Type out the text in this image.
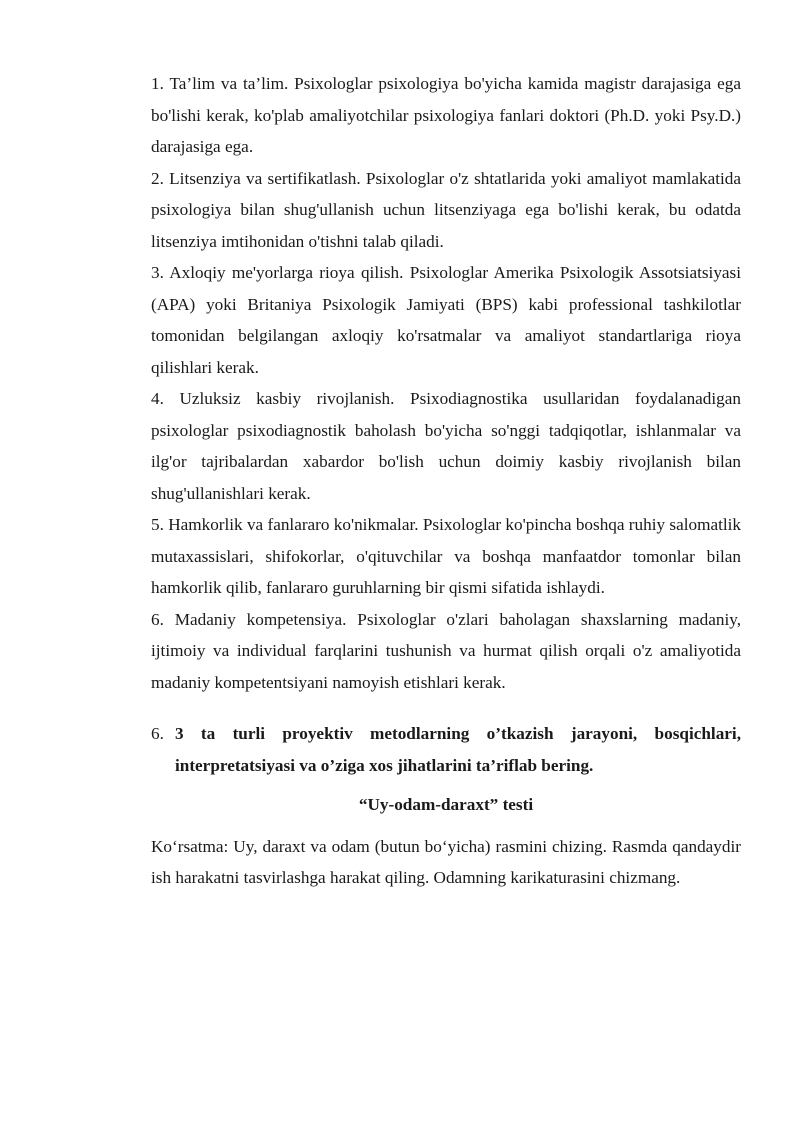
1. Ta’lim va ta’lim. Psixologlar psixologiya bo'yicha kamida magistr darajasiga ega bo'lishi kerak, ko'plab amaliyotchilar psixologiya fanlari doktori (Ph.D. yoki Psy.D.) darajasiga ega.

2. Litsenziya va sertifikatlash. Psixologlar o'z shtatlarida yoki amaliyot mamlakatida psixologiya bilan shug'ullanish uchun litsenziyaga ega bo'lishi kerak, bu odatda litsenziya imtihonidan o'tishni talab qiladi.

3. Axloqiy me'yorlarga rioya qilish. Psixologlar Amerika Psixologik Assotsiatsiyasi (APA) yoki Britaniya Psixologik Jamiyati (BPS) kabi professional tashkilotlar tomonidan belgilangan axloqiy ko'rsatmalar va amaliyot standartlariga rioya qilishlari kerak.

4. Uzluksiz kasbiy rivojlanish. Psixodiagnostika usullaridan foydalanadigan psixologlar psixodiagnostik baholash bo'yicha so'nggi tadqiqotlar, ishlanmalar va ilg'or tajribalardan xabardor bo'lish uchun doimiy kasbiy rivojlanish bilan shug'ullanishlari kerak.

5. Hamkorlik va fanlararo ko'nikmalar. Psixologlar ko'pincha boshqa ruhiy salomatlik mutaxassislari, shifokorlar, o'qituvchilar va boshqa manfaatdor tomonlar bilan hamkorlik qilib, fanlararo guruhlarning bir qismi sifatida ishlaydi.

6. Madaniy kompetensiya. Psixologlar o'zlari baholagan shaxslarning madaniy, ijtimoiy va individual farqlarini tushunish va hurmat qilish orqali o'z amaliyotida madaniy kompetentsiyani namoyish etishlari kerak.

6. 3 ta turli proyektiv metodlarning o’tkazish jarayoni, bosqichlari, interpretatsiyasi va o’ziga xos jihatlarini ta’riflab bering.

“Uy-odam-daraxt” testi

Ko‘rsatma: Uy, daraxt va odam (butun bo‘yicha) rasmini chizing. Rasmda qandaydir ish harakatni tasvirlashga harakat qiling. Odamning karikaturasini chizmang.
